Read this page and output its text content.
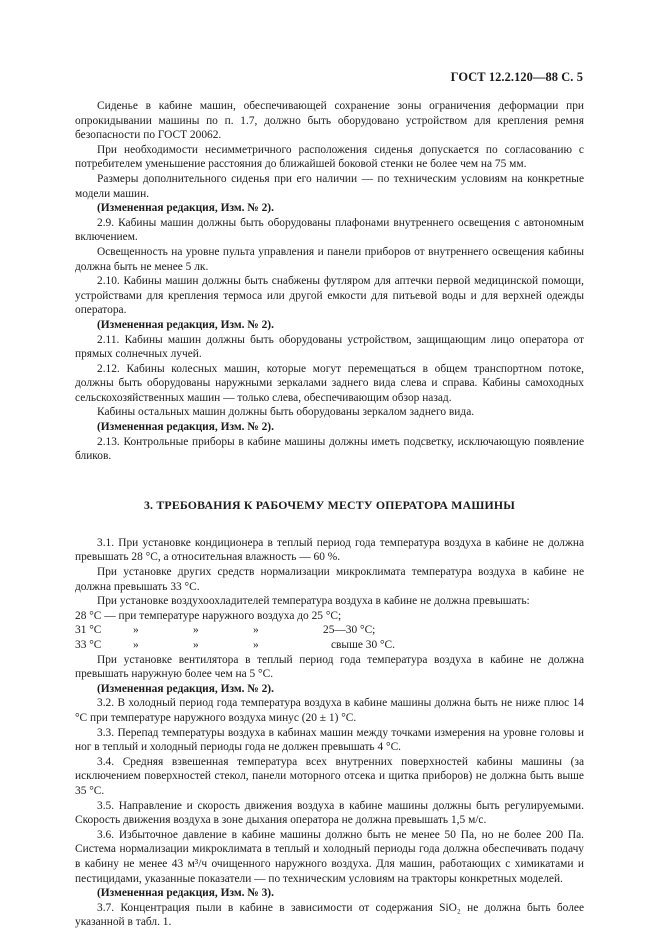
ГОСТ 12.2.120—88 С. 5

Сиденье в кабине машин, обеспечивающей сохранение зоны ограничения деформации при опрокидывании машины по п. 1.7, должно быть оборудовано устройством для крепления ремня безопасности по ГОСТ 20062.

При необходимости несимметричного расположения сиденья допускается по согласованию с потребителем уменьшение расстояния до ближайшей боковой стенки не более чем на 75 мм.

Размеры дополнительного сиденья при его наличии — по техническим условиям на конкретные модели машин.

(Измененная редакция, Изм. № 2).

2.9. Кабины машин должны быть оборудованы плафонами внутреннего освещения с автономным включением.

Освещенность на уровне пульта управления и панели приборов от внутреннего освещения кабины должна быть не менее 5 лк.

2.10. Кабины машин должны быть снабжены футляром для аптечки первой медицинской помощи, устройствами для крепления термоса или другой емкости для питьевой воды и для верхней одежды оператора.

(Измененная редакция, Изм. № 2).

2.11. Кабины машин должны быть оборудованы устройством, защищающим лицо оператора от прямых солнечных лучей.

2.12. Кабины колесных машин, которые могут перемещаться в общем транспортном потоке, должны быть оборудованы наружными зеркалами заднего вида слева и справа. Кабины самоходных сельскохозяйственных машин — только слева, обеспечивающим обзор назад.

Кабины остальных машин должны быть оборудованы зеркалом заднего вида.

(Измененная редакция, Изм. № 2).

2.13. Контрольные приборы в кабине машины должны иметь подсветку, исключающую появление бликов.

3. ТРЕБОВАНИЯ К РАБОЧЕМУ МЕСТУ ОПЕРАТОРА МАШИНЫ

3.1. При установке кондиционера в теплый период года температура воздуха в кабине не должна превышать 28 °С, а относительная влажность — 60 %.

При установке других средств нормализации микроклимата температура воздуха в кабине не должна превышать 33 °С.

При установке воздухоохладителей температура воздуха в кабине не должна превышать:

28 °С — при температуре наружного воздуха до 25 °С;
31 °С	»	»	»	25—30 °С;
33 °С	»	»	»	свыше 30 °С.

При установке вентилятора в теплый период года температура воздуха в кабине не должна превышать наружную более чем на 5 °С.

(Измененная редакция, Изм. № 2).

3.2. В холодный период года температура воздуха в кабине машины должна быть не ниже плюс 14 °С при температуре наружного воздуха минус (20 ± 1) °С.

3.3. Перепад температуры воздуха в кабинах машин между точками измерения на уровне головы и ног в теплый и холодный периоды года не должен превышать 4 °С.

3.4. Средняя взвешенная температура всех внутренних поверхностей кабины машины (за исключением поверхностей стекол, панели моторного отсека и щитка приборов) не должна быть выше 35 °С.

3.5. Направление и скорость движения воздуха в кабине машины должны быть регулируемыми. Скорость движения воздуха в зоне дыхания оператора не должна превышать 1,5 м/с.

3.6. Избыточное давление в кабине машины должно быть не менее 50 Па, но не более 200 Па. Система нормализации микроклимата в теплый и холодный периоды года должна обеспечивать подачу в кабину не менее 43 м³/ч очищенного наружного воздуха. Для машин, работающих с химикатами и пестицидами, указанные показатели — по техническим условиям на тракторы конкретных моделей.

(Измененная редакция, Изм. № 3).

3.7. Концентрация пыли в кабине в зависимости от содержания SiO₂ не должна быть более указанной в табл. 1.
